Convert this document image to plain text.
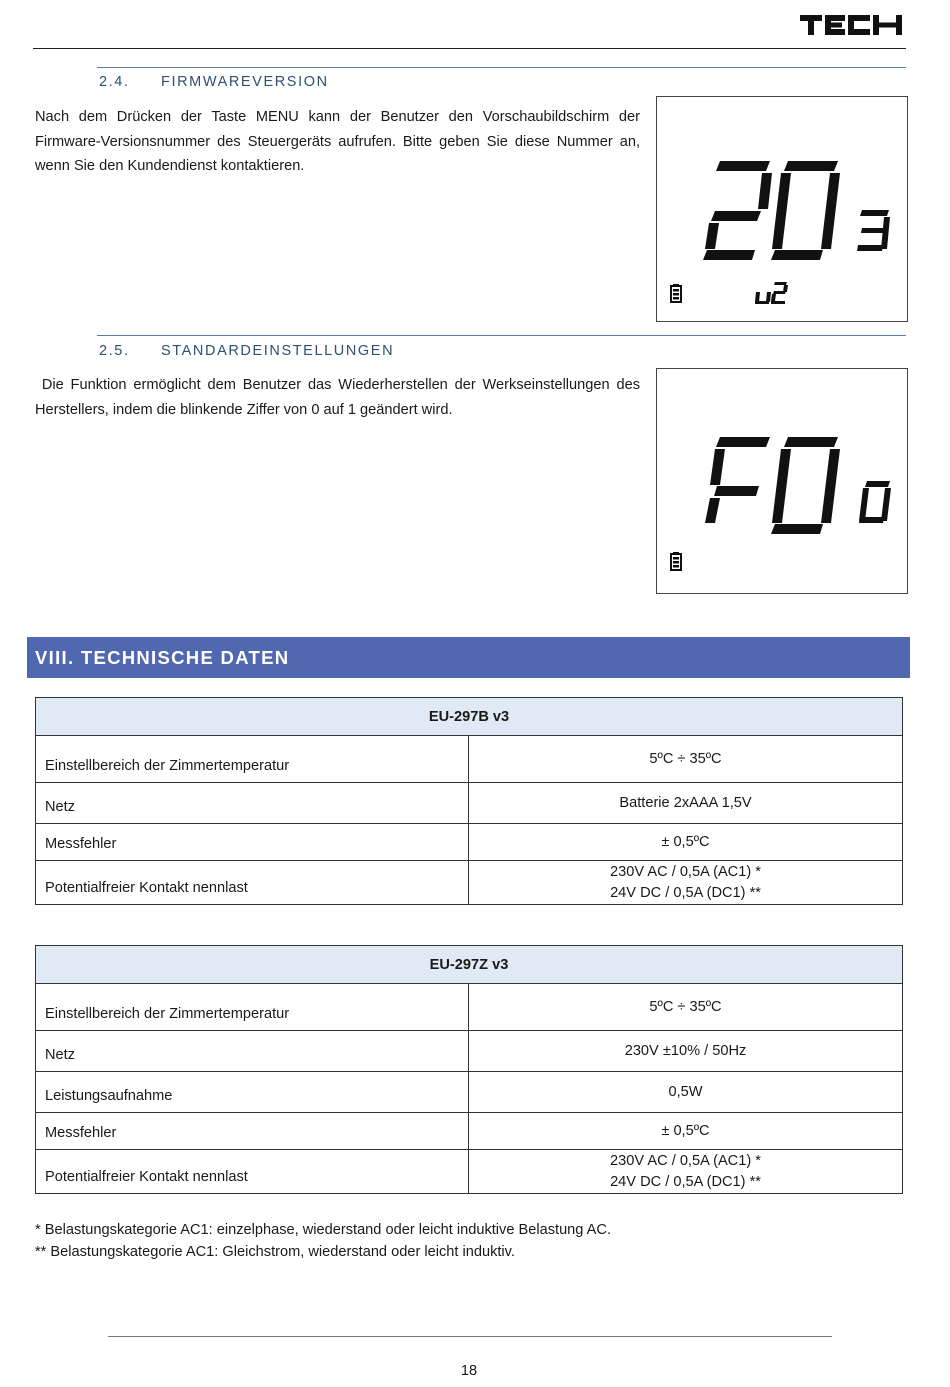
2.4. FIRMWAREVERSION
Nach dem Drücken der Taste MENU kann der Benutzer den Vorschaubildschirm der Firmware-Versionsnummer des Steuergeräts aufrufen. Bitte geben Sie diese Nummer an, wenn Sie den Kundendienst kontaktieren.
2.5. STANDARDEINSTELLUNGEN
Die Funktion ermöglicht dem Benutzer das Wiederherstellen der Werkseinstellungen des Herstellers, indem die blinkende Ziffer von 0 auf 1 geändert wird.
VIII. TECHNISCHE DATEN
EU-297B v3	
Einstellbereich der Zimmertemperatur	5ºC ÷ 35ºC
Netz	Batterie 2xAAA 1,5V
Messfehler	± 0,5ºC
Potentialfreier Kontakt nennlast	230V AC / 0,5A (AC1) *
24V DC / 0,5A (DC1) **
EU-297Z v3	
Einstellbereich der Zimmertemperatur	5ºC ÷ 35ºC
Netz	230V ±10% / 50Hz
Leistungsaufnahme	0,5W
Messfehler	± 0,5ºC
Potentialfreier Kontakt nennlast	230V AC / 0,5A (AC1) *
24V DC / 0,5A (DC1) **
* Belastungskategorie AC1: einzelphase, wiederstand oder leicht induktive Belastung AC.
** Belastungskategorie AC1: Gleichstrom, wiederstand oder leicht induktiv.
18
